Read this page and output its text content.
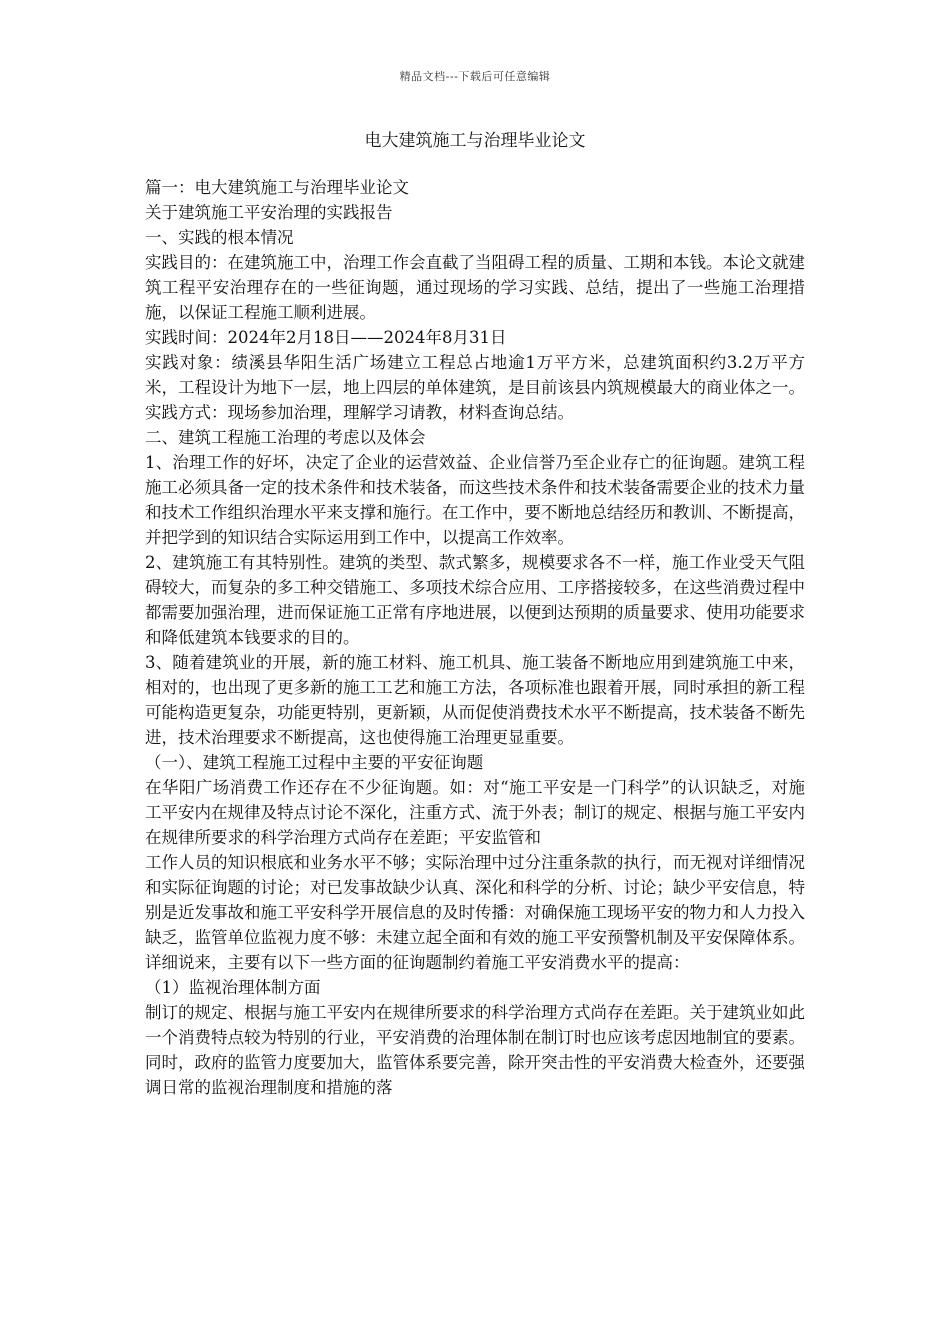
精品文档---下载后可任意编辑
电大建筑施工与治理毕业论文

篇一：电大建筑施工与治理毕业论文

关于建筑施工平安治理的实践报告

一、实践的根本情况

实践目的：在建筑施工中，治理工作会直截了当阻碍工程的质量、工期和本钱。本论文就建筑工程平安治理存在的一些征询题，通过现场的学习实践、总结，提出了一些施工治理措施，以保证工程施工顺利进展。

实践时间：2024年2月18日——2024年8月31日

实践对象：绩溪县华阳生活广场建立工程总占地逾1万平方米，总建筑面积约3.2万平方米，工程设计为地下一层，地上四层的单体建筑，是目前该县内筑规模最大的商业体之一。

实践方式：现场参加治理，理解学习请教，材料查询总结。

二、建筑工程施工治理的考虑以及体会

1、治理工作的好坏，决定了企业的运营效益、企业信誉乃至企业存亡的征询题。建筑工程施工必须具备一定的技术条件和技术装备，而这些技术条件和技术装备需要企业的技术力量和技术工作组织治理水平来支撑和施行。在工作中，要不断地总结经历和教训、不断提高，并把学到的知识结合实际运用到工作中，以提高工作效率。

2、建筑施工有其特别性。建筑的类型、款式繁多，规模要求各不一样，施工作业受天气阻碍较大，而复杂的多工种交错施工、多项技术综合应用、工序搭接较多，在这些消费过程中都需要加强治理，进而保证施工正常有序地进展，以便到达预期的质量要求、使用功能要求和降低建筑本钱要求的目的。

3、随着建筑业的开展，新的施工材料、施工机具、施工装备不断地应用到建筑施工中来，相对的，也出现了更多新的施工工艺和施工方法，各项标准也跟着开展，同时承担的新工程可能构造更复杂，功能更特别，更新颖，从而促使消费技术水平不断提高，技术装备不断先进，技术治理要求不断提高，这也使得施工治理更显重要。

（一）、建筑工程施工过程中主要的平安征询题

在华阳广场消费工作还存在不少征询题。如：对“施工平安是一门科学”的认识缺乏，对施工平安内在规律及特点讨论不深化，注重方式、流于外表；制订的规定、根据与施工平安内在规律所要求的科学治理方式尚存在差距；平安监管和

工作人员的知识根底和业务水平不够；实际治理中过分注重条款的执行，而无视对详细情况和实际征询题的讨论；对已发事故缺少认真、深化和科学的分析、讨论；缺少平安信息，特别是近发事故和施工平安科学开展信息的及时传播：对确保施工现场平安的物力和人力投入缺乏，监管单位监视力度不够：未建立起全面和有效的施工平安预警机制及平安保障体系。

详细说来，主要有以下一些方面的征询题制约着施工平安消费水平的提高：

（1）监视治理体制方面

制订的规定、根据与施工平安内在规律所要求的科学治理方式尚存在差距。关于建筑业如此一个消费特点较为特别的行业，平安消费的治理体制在制订时也应该考虑因地制宜的要素。同时，政府的监管力度要加大，监管体系要完善，除开突击性的平安消费大检查外，还要强调日常的监视治理制度和措施的落
